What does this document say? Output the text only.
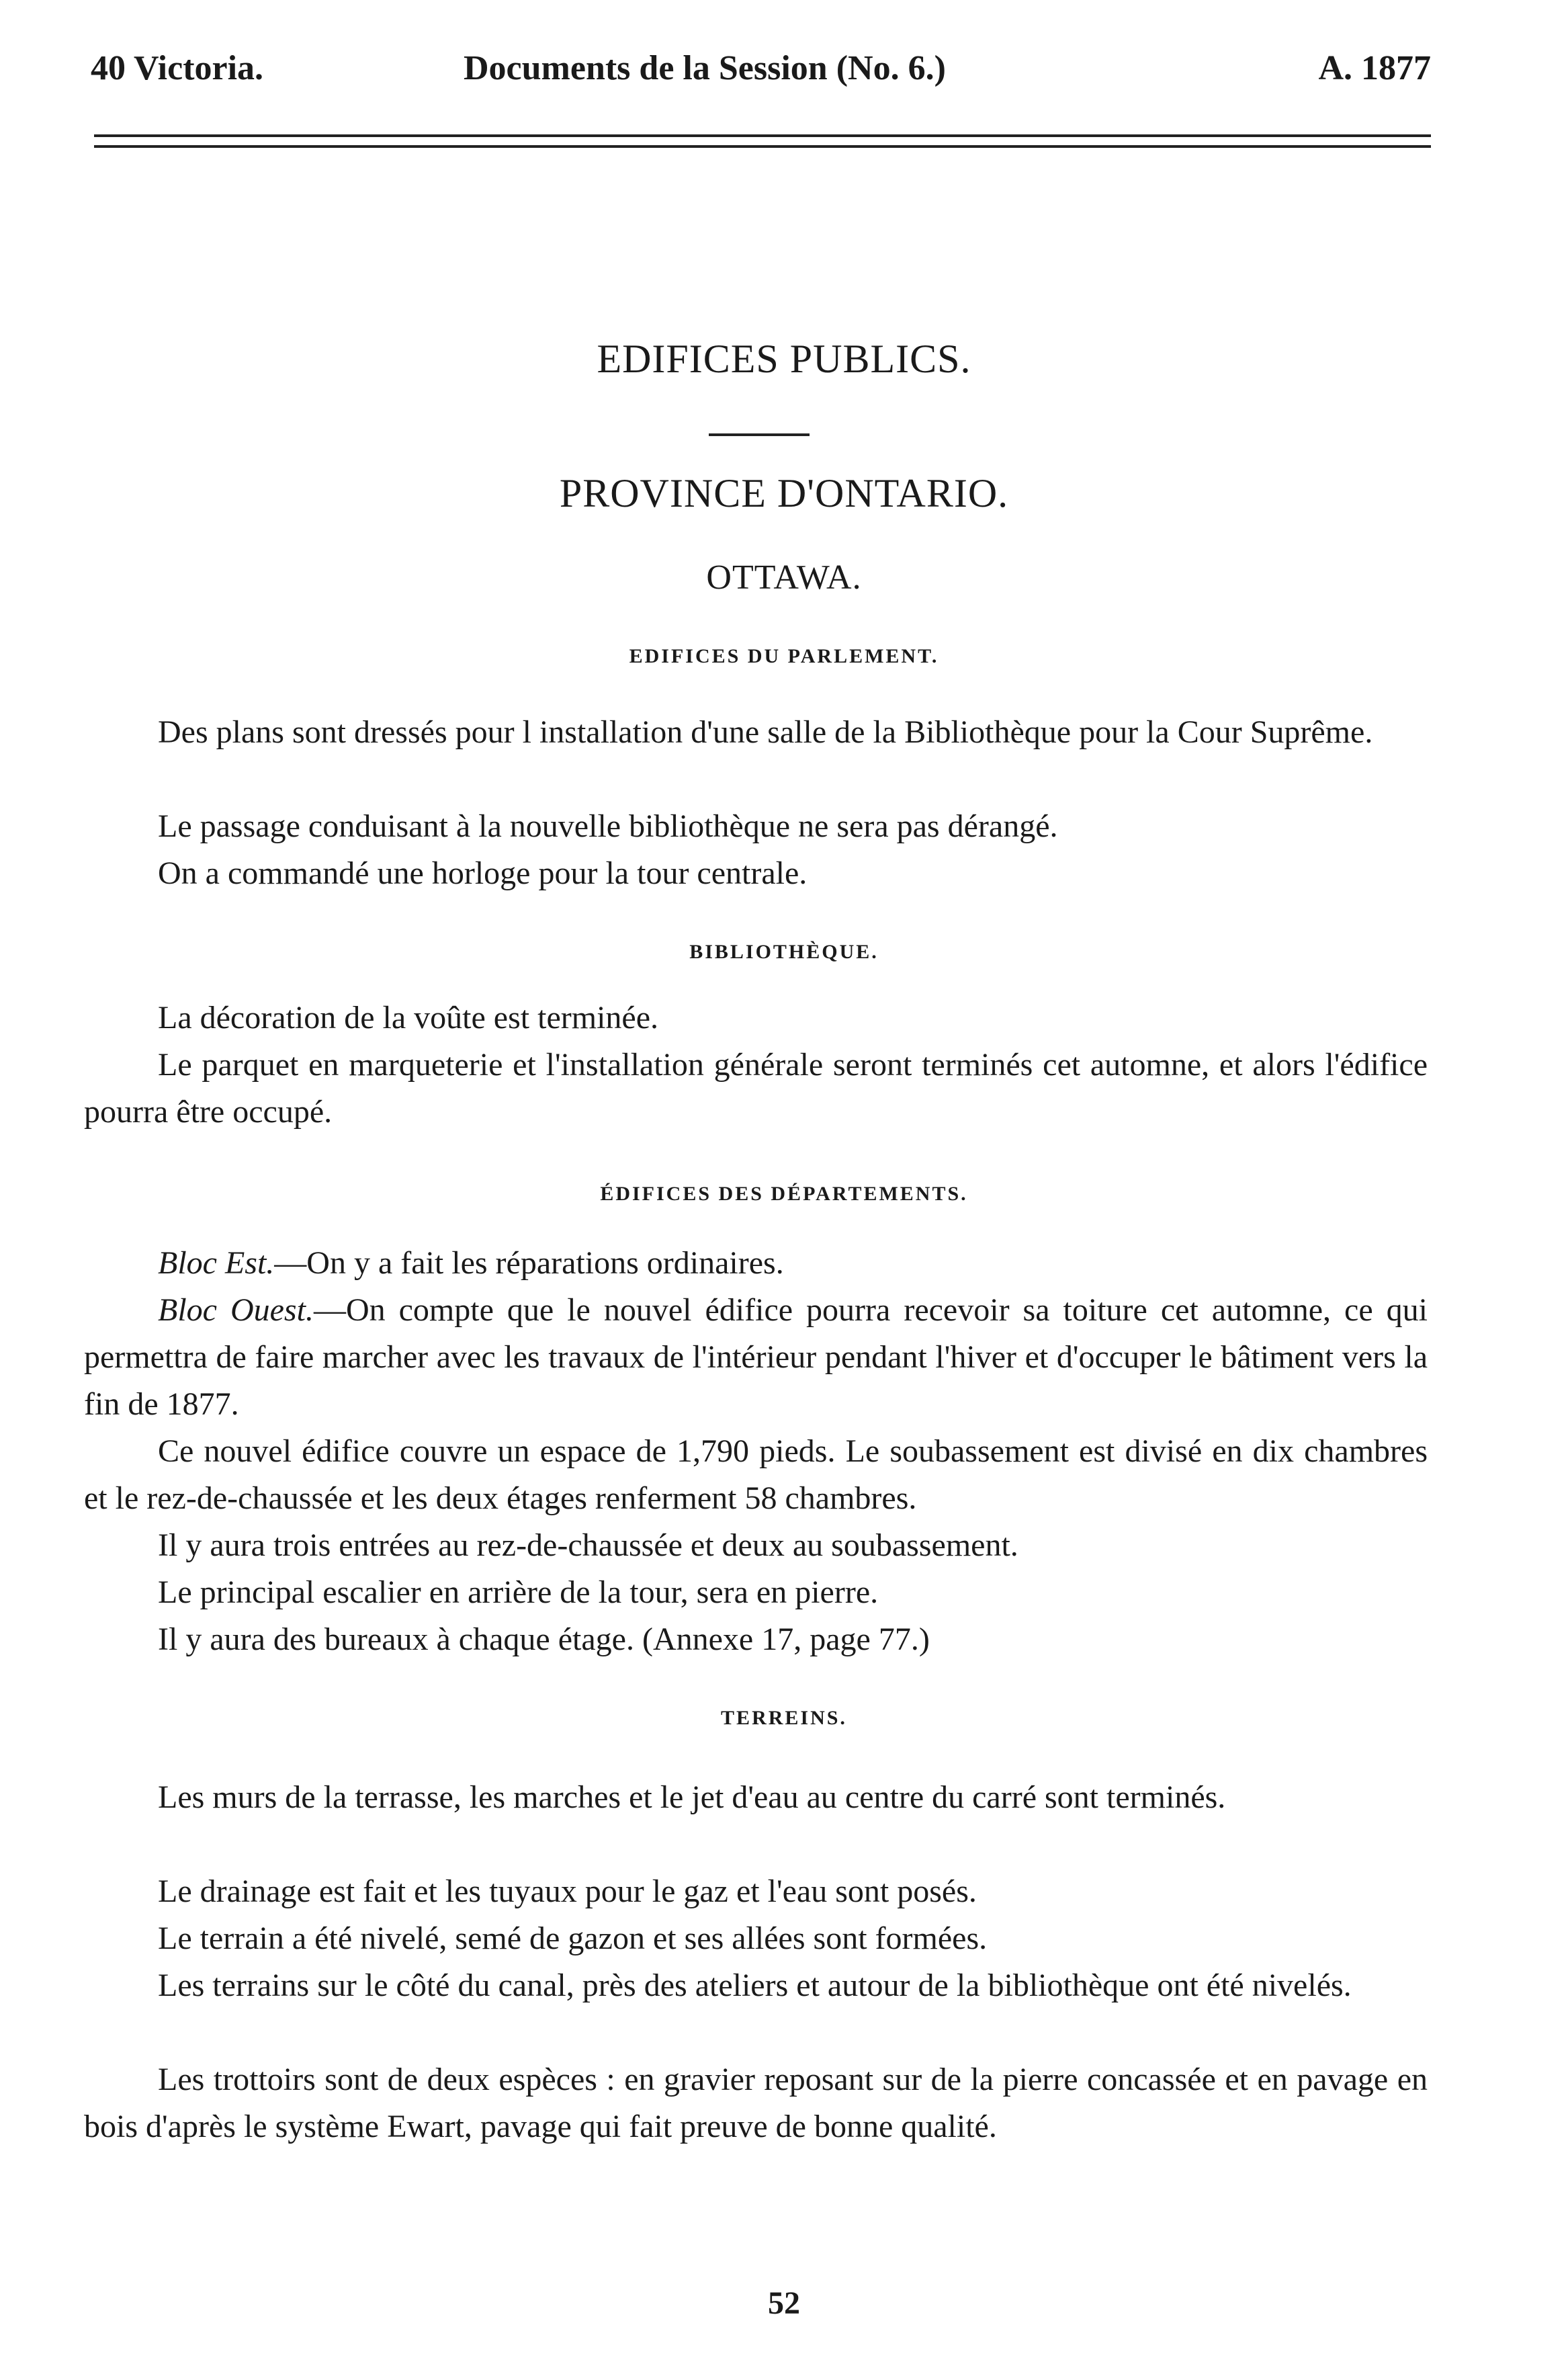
40 Victoria.	Documents de la Session (No. 6.)	A. 1877
EDIFICES PUBLICS.
PROVINCE D'ONTARIO.
OTTAWA.
EDIFICES DU PARLEMENT.
Des plans sont dressés pour l installation d'une salle de la Bibliothèque pour la Cour Suprême.
Le passage conduisant à la nouvelle bibliothèque ne sera pas dérangé.
On a commandé une horloge pour la tour centrale.
BIBLIOTHÈQUE.
La décoration de la voûte est terminée.
Le parquet en marqueterie et l'installation générale seront terminés cet automne, et alors l'édifice pourra être occupé.
ÉDIFICES DES DÉPARTEMENTS.
Bloc Est.—On y a fait les réparations ordinaires.
Bloc Ouest.—On compte que le nouvel édifice pourra recevoir sa toiture cet automne, ce qui permettra de faire marcher avec les travaux de l'intérieur pendant l'hiver et d'occuper le bâtiment vers la fin de 1877.
Ce nouvel édifice couvre un espace de 1,790 pieds. Le soubassement est divisé en dix chambres et le rez-de-chaussée et les deux étages renferment 58 chambres.
Il y aura trois entrées au rez-de-chaussée et deux au soubassement.
Le principal escalier en arrière de la tour, sera en pierre.
Il y aura des bureaux à chaque étage. (Annexe 17, page 77.)
TERREINS.
Les murs de la terrasse, les marches et le jet d'eau au centre du carré sont terminés.
Le drainage est fait et les tuyaux pour le gaz et l'eau sont posés.
Le terrain a été nivelé, semé de gazon et ses allées sont formées.
Les terrains sur le côté du canal, près des ateliers et autour de la bibliothèque ont été nivelés.
Les trottoirs sont de deux espèces : en gravier reposant sur de la pierre concassée et en pavage en bois d'après le système Ewart, pavage qui fait preuve de bonne qualité.
52
